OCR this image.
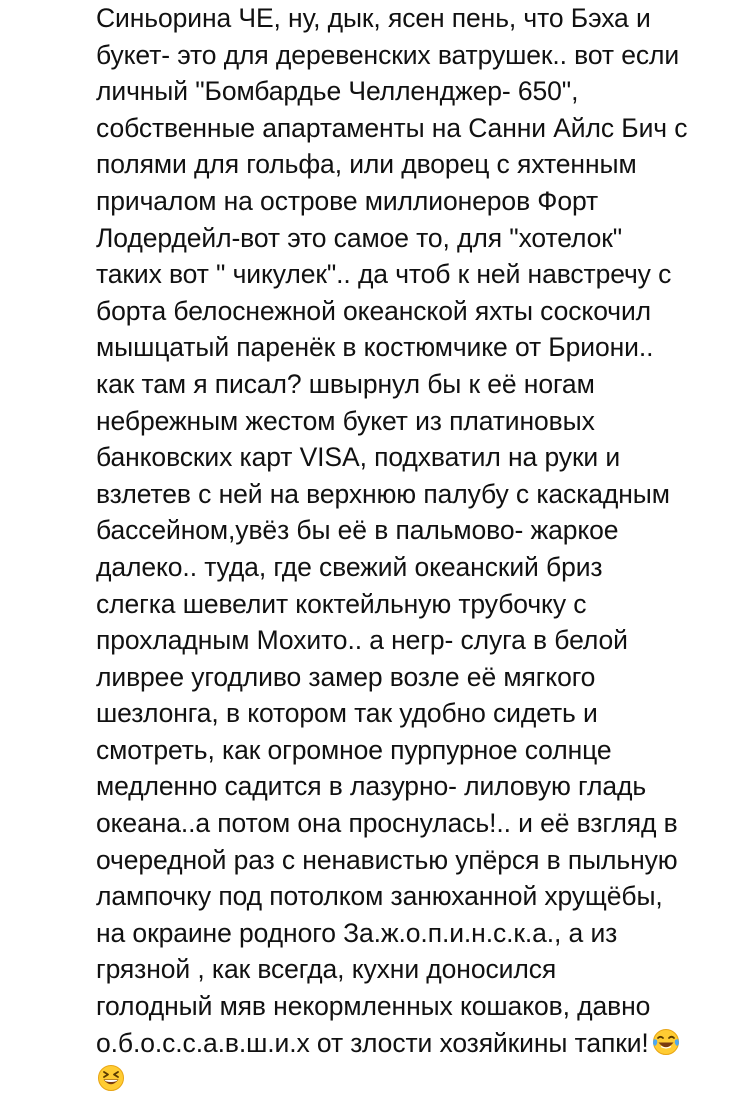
Синьорина ЧЕ, ну, дык, ясен пень, что Бэха и
букет- это для деревенских ватрушек.. вот если
личный "Бомбардье Челленджер- 650",
собственные апартаменты на Санни Айлс Бич с
полями для гольфа, или дворец с яхтенным
причалом на острове миллионеров Форт
Лодердейл-вот это самое то, для "хотелок"
таких вот " чикулек".. да чтоб к ней навстречу с
борта белоснежной океанской яхты соскочил
мышцатый паренёк в костюмчике от Бриони..
как там я писал? швырнул бы к её ногам
небрежным жестом букет из платиновых
банковских карт VISA, подхватил на руки и
взлетев с ней на верхнюю палубу с каскадным
бассейном,увёз бы её в пальмово- жаркое
далеко.. туда, где свежий океанский бриз
слегка шевелит коктейльную трубочку с
прохладным Мохито.. а негр- слуга в белой
ливрее угодливо замер возле её мягкого
шезлонга, в котором так удобно сидеть и
смотреть, как огромное пурпурное солнце
медленно садится в лазурно- лиловую гладь
океана..а потом она проснулась!.. и её взгляд в
очередной раз с ненавистью упёрся в пыльную
лампочку под потолком занюханной хрущёбы,
на окраине родного За.ж.о.п.и.н.с.к.а., а из
грязной , как всегда, кухни доносился
голодный мяв некормленных кошаков, давно
о.б.о.с.с.а.в.ш.и.х от злости хозяйкины тапки!
